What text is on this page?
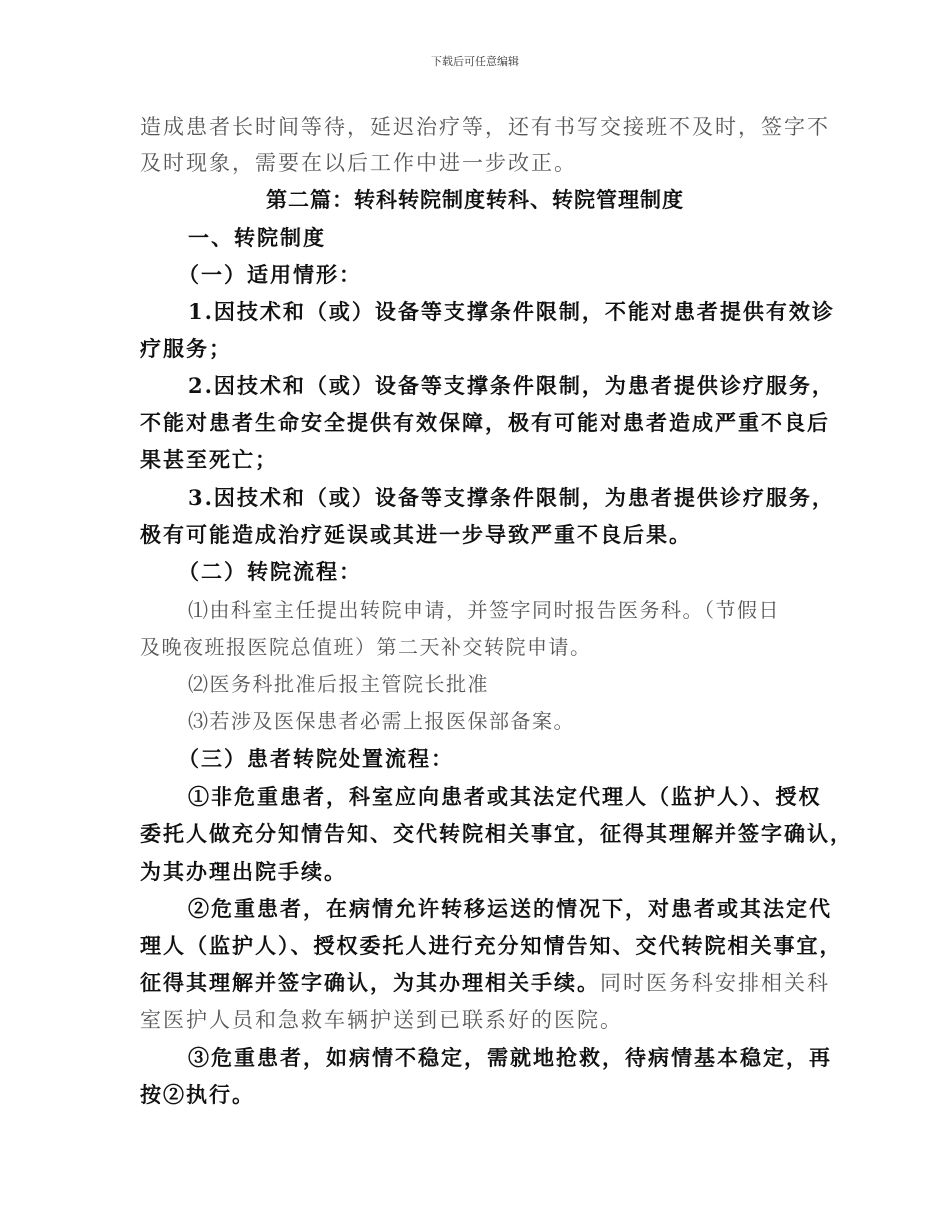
下载后可任意编辑
造成患者长时间等待，延迟治疗等，还有书写交接班不及时，签字不
及时现象，需要在以后工作中进一步改正。
第二篇：转科转院制度转科、转院管理制度
一、转院制度
（一）适用情形：
1.因技术和（或）设备等支撑条件限制，不能对患者提供有效诊
疗服务；
2.因技术和（或）设备等支撑条件限制，为患者提供诊疗服务，
不能对患者生命安全提供有效保障，极有可能对患者造成严重不良后
果甚至死亡；
3.因技术和（或）设备等支撑条件限制，为患者提供诊疗服务，
极有可能造成治疗延误或其进一步导致严重不良后果。
（二）转院流程：
⑴由科室主任提出转院申请，并签字同时报告医务科。（节假日
及晚夜班报医院总值班）第二天补交转院申请。
⑵医务科批准后报主管院长批准
⑶若涉及医保患者必需上报医保部备案。
（三）患者转院处置流程：
①非危重患者，科室应向患者或其法定代理人（监护人）、授权
委托人做充分知情告知、交代转院相关事宜，征得其理解并签字确认，
为其办理出院手续。
②危重患者，在病情允许转移运送的情况下，对患者或其法定代
理人（监护人）、授权委托人进行充分知情告知、交代转院相关事宜，
征得其理解并签字确认，为其办理相关手续。同时医务科安排相关科
室医护人员和急救车辆护送到已联系好的医院。
③危重患者，如病情不稳定，需就地抢救，待病情基本稳定，再
按②执行。
